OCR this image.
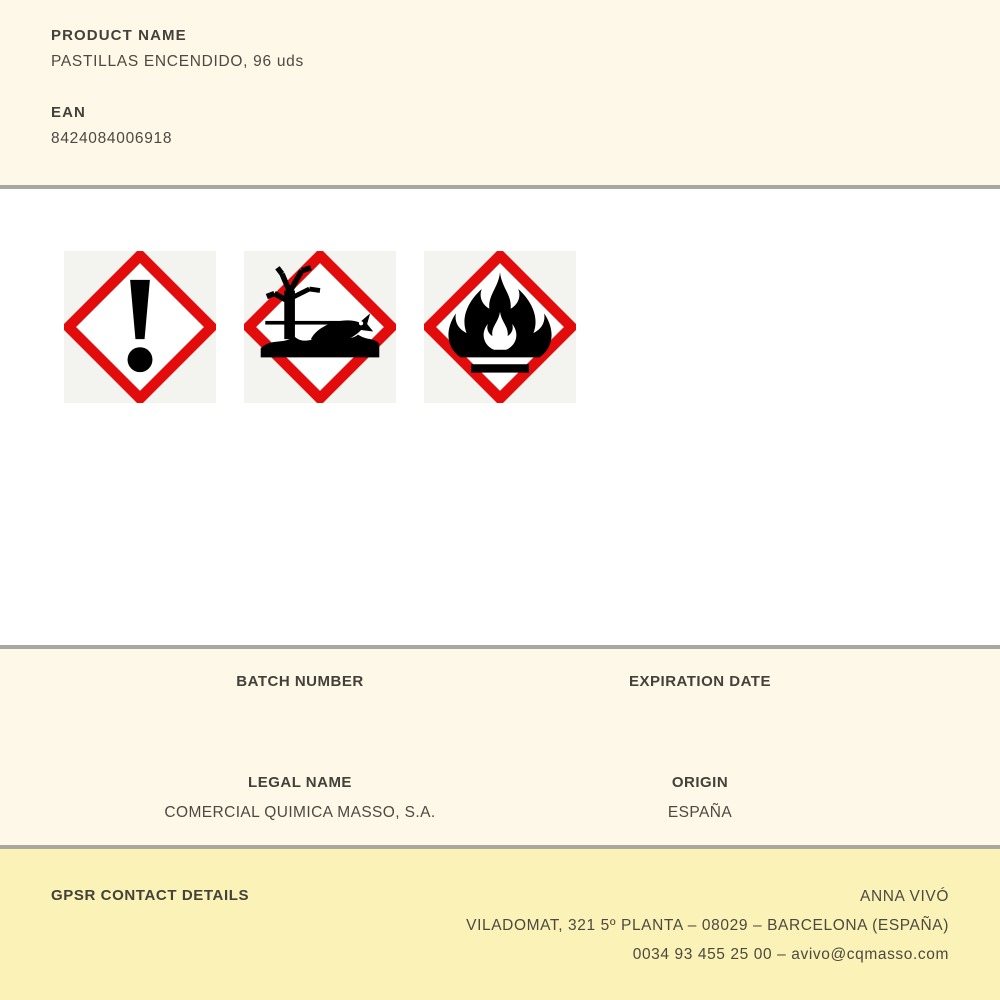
PRODUCT NAME
PASTILLAS ENCENDIDO, 96 uds
EAN
8424084006918
BATCH NUMBER	EXPIRATION DATE
LEGAL NAME
COMERCIAL QUIMICA MASSO, S.A.
ORIGIN
ESPAÑA
GPSR CONTACT DETAILS	ANNA VIVÓ
VILADOMAT, 321 5º PLANTA – 08029 – BARCELONA (ESPAÑA)
0034 93 455 25 00 – avivo@cqmasso.com
